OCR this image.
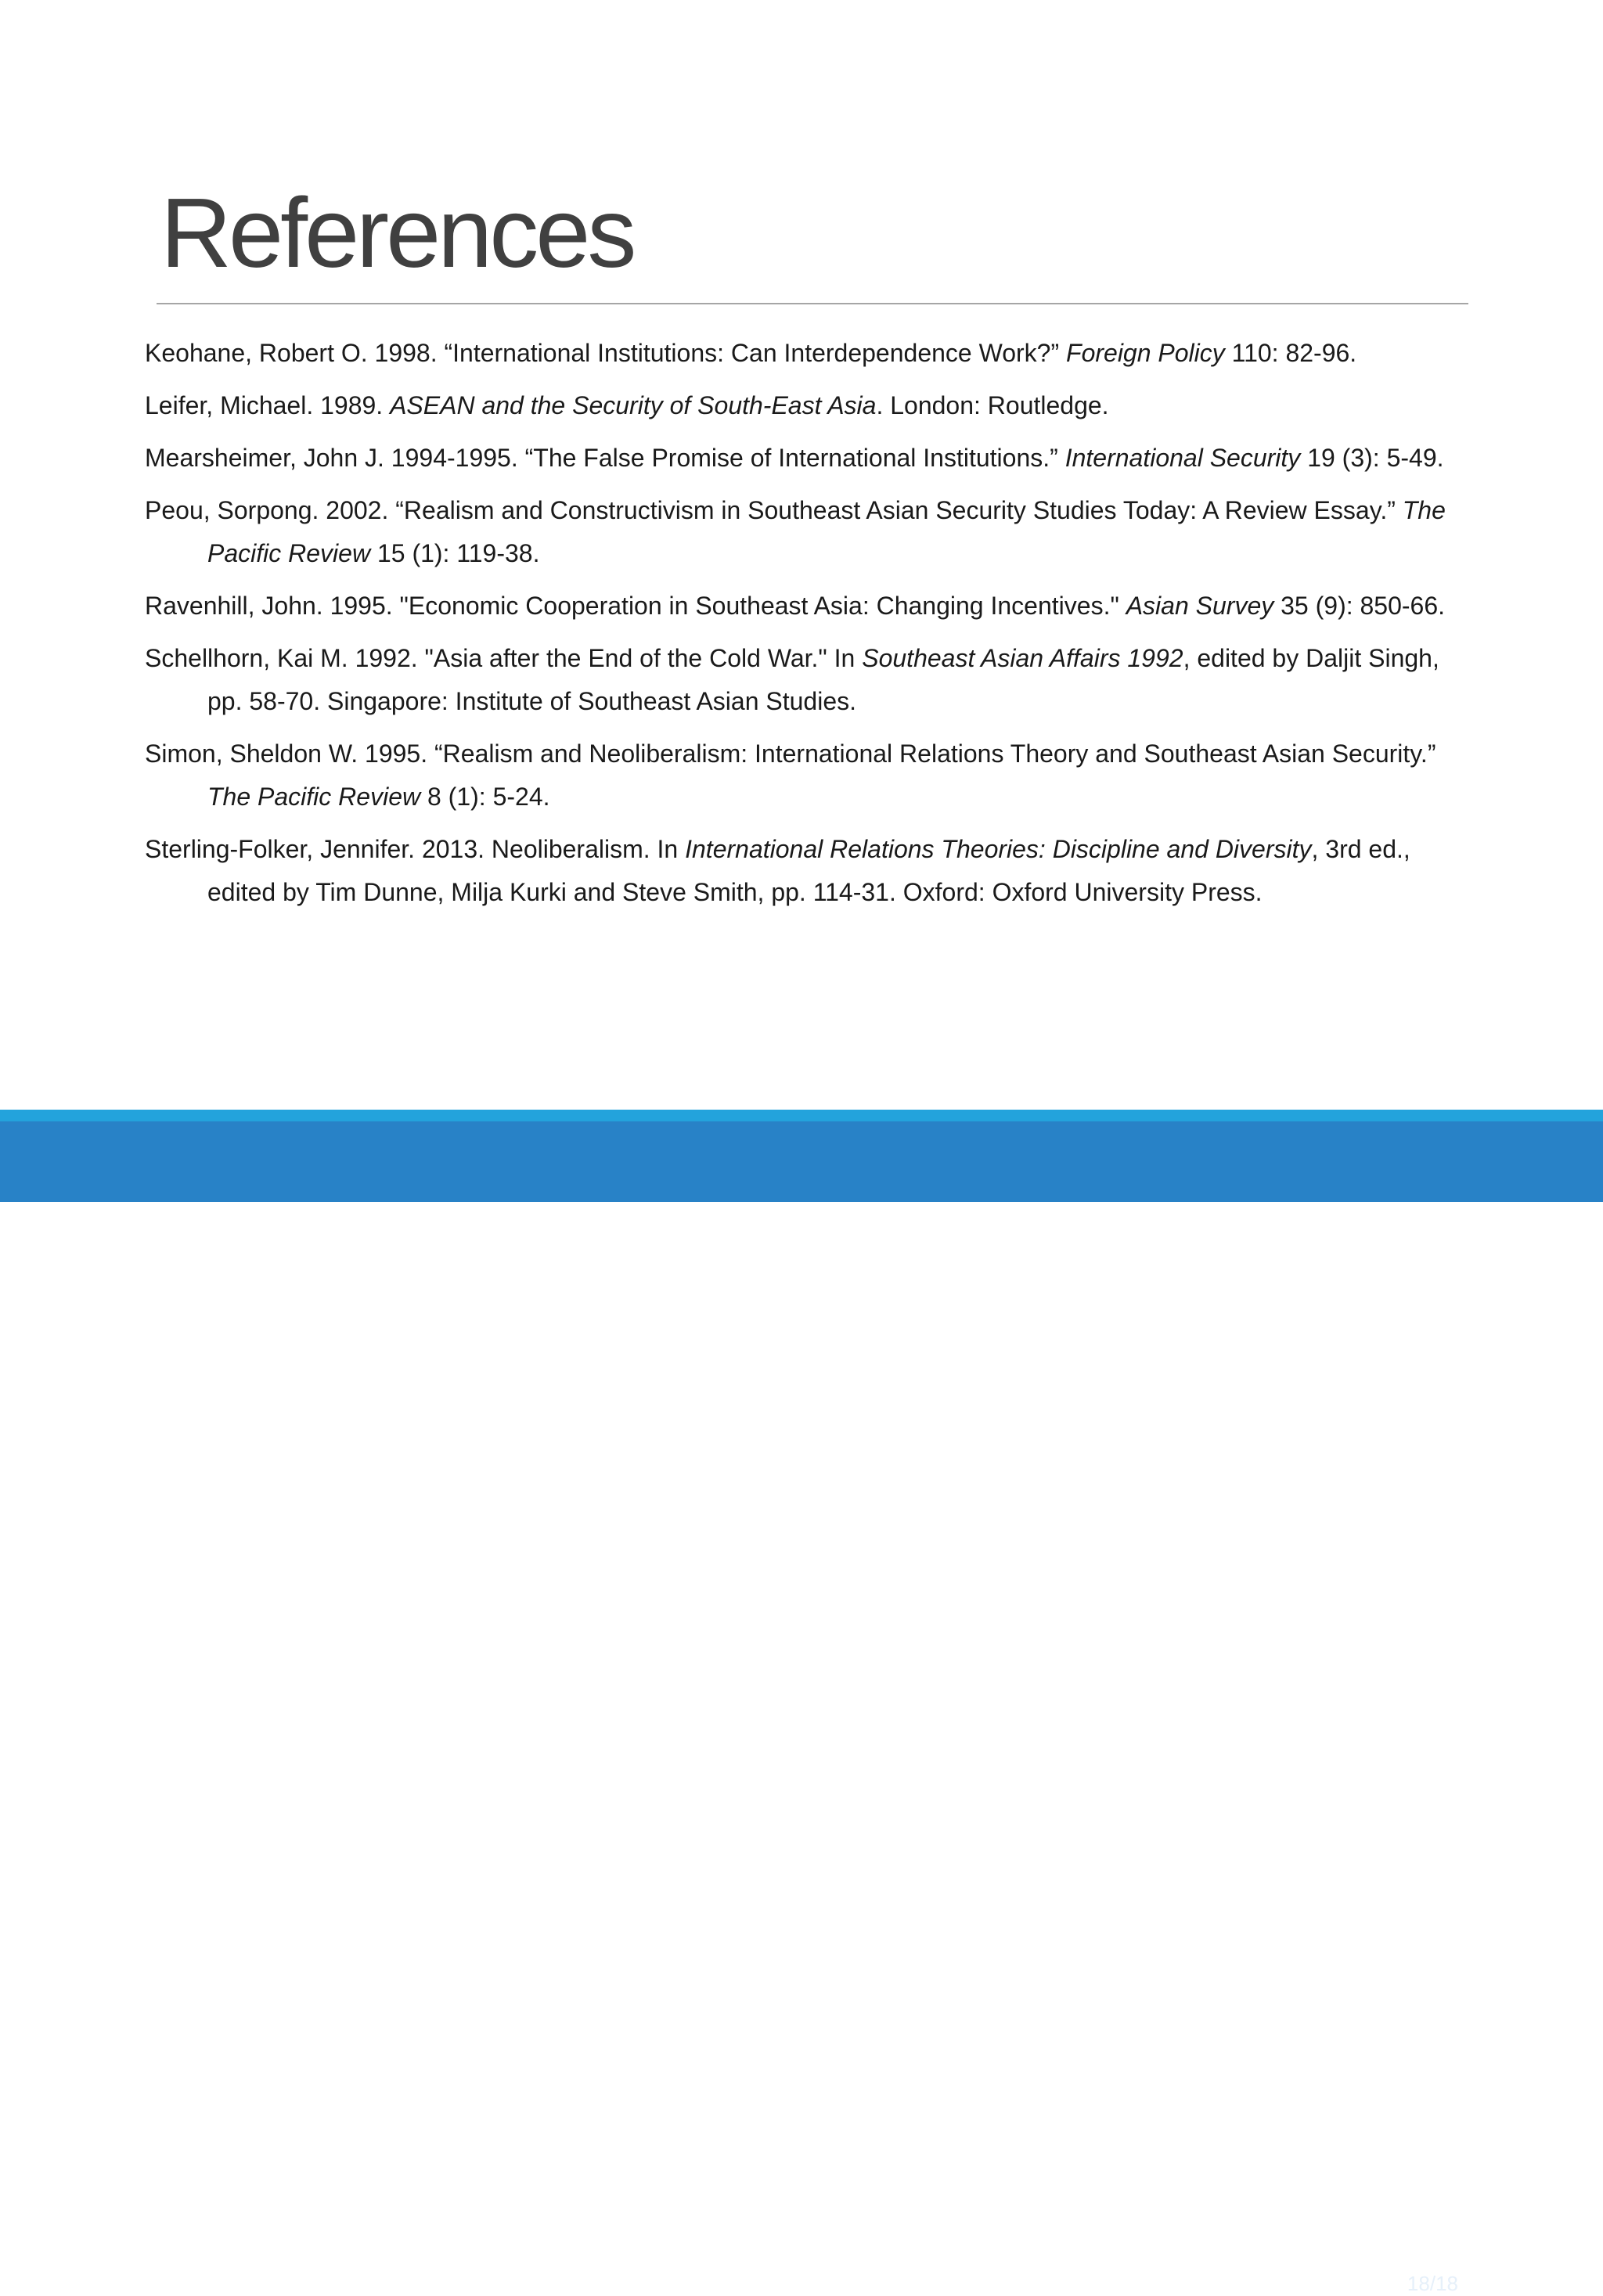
References
Keohane, Robert O. 1998. “International Institutions: Can Interdependence Work?” Foreign Policy 110: 82-96.
Leifer, Michael. 1989. ASEAN and the Security of South-East Asia. London: Routledge.
Mearsheimer, John J. 1994-1995. “The False Promise of International Institutions.” International Security 19 (3): 5-49.
Peou, Sorpong. 2002. “Realism and Constructivism in Southeast Asian Security Studies Today: A Review Essay.” The Pacific Review 15 (1): 119-38.
Ravenhill, John. 1995. "Economic Cooperation in Southeast Asia: Changing Incentives." Asian Survey 35 (9): 850-66.
Schellhorn, Kai M. 1992. "Asia after the End of the Cold War." In Southeast Asian Affairs 1992, edited by Daljit Singh, pp. 58-70. Singapore: Institute of Southeast Asian Studies.
Simon, Sheldon W. 1995. “Realism and Neoliberalism: International Relations Theory and Southeast Asian Security.” The Pacific Review 8 (1): 5-24.
Sterling-Folker, Jennifer. 2013. Neoliberalism. In International Relations Theories: Discipline and Diversity, 3rd ed., edited by Tim Dunne, Milja Kurki and Steve Smith, pp. 114-31. Oxford: Oxford University Press.
18/18
